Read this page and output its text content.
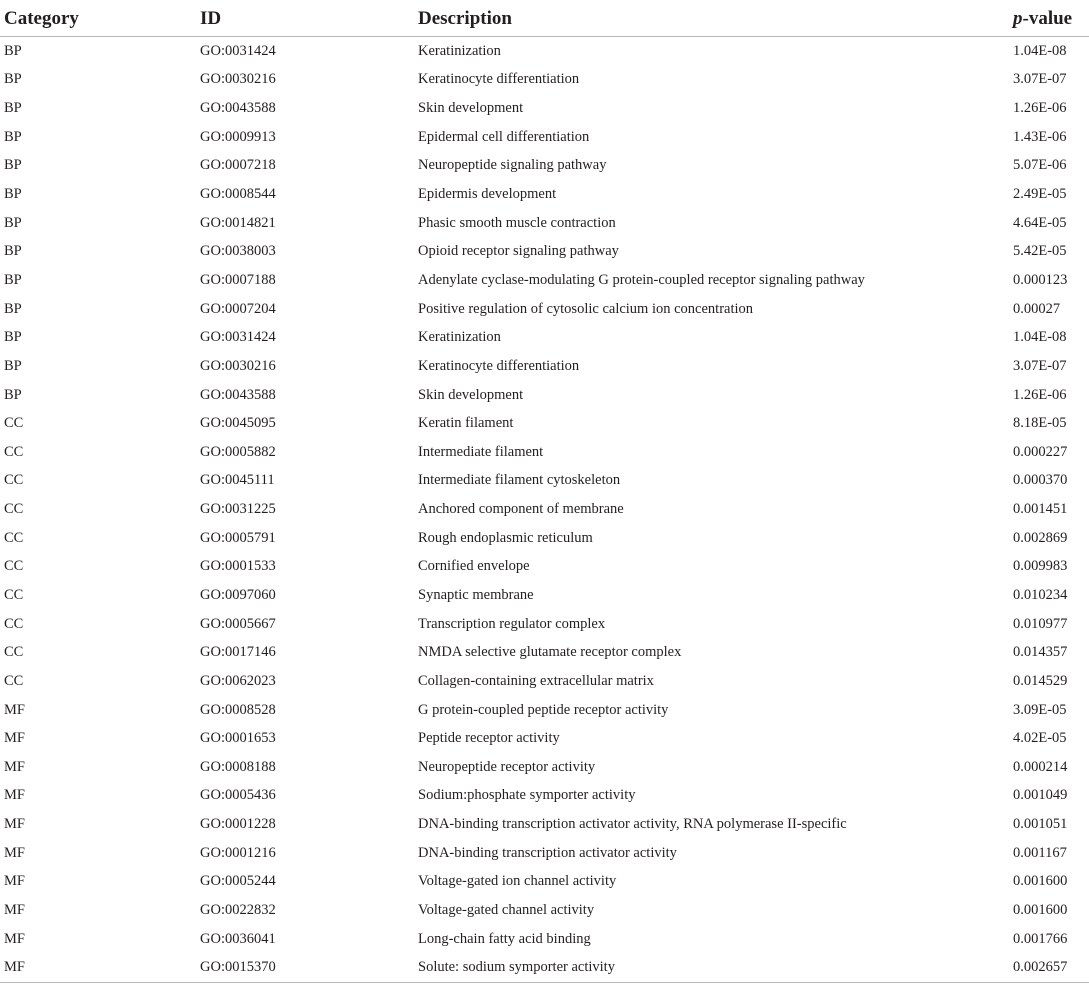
Category	ID	Description	p-value
BP	GO:0031424	Keratinization	1.04E-08
BP	GO:0030216	Keratinocyte differentiation	3.07E-07
BP	GO:0043588	Skin development	1.26E-06
BP	GO:0009913	Epidermal cell differentiation	1.43E-06
BP	GO:0007218	Neuropeptide signaling pathway	5.07E-06
BP	GO:0008544	Epidermis development	2.49E-05
BP	GO:0014821	Phasic smooth muscle contraction	4.64E-05
BP	GO:0038003	Opioid receptor signaling pathway	5.42E-05
BP	GO:0007188	Adenylate cyclase-modulating G protein-coupled receptor signaling pathway	0.000123
BP	GO:0007204	Positive regulation of cytosolic calcium ion concentration	0.00027
BP	GO:0031424	Keratinization	1.04E-08
BP	GO:0030216	Keratinocyte differentiation	3.07E-07
BP	GO:0043588	Skin development	1.26E-06
CC	GO:0045095	Keratin filament	8.18E-05
CC	GO:0005882	Intermediate filament	0.000227
CC	GO:0045111	Intermediate filament cytoskeleton	0.000370
CC	GO:0031225	Anchored component of membrane	0.001451
CC	GO:0005791	Rough endoplasmic reticulum	0.002869
CC	GO:0001533	Cornified envelope	0.009983
CC	GO:0097060	Synaptic membrane	0.010234
CC	GO:0005667	Transcription regulator complex	0.010977
CC	GO:0017146	NMDA selective glutamate receptor complex	0.014357
CC	GO:0062023	Collagen-containing extracellular matrix	0.014529
MF	GO:0008528	G protein-coupled peptide receptor activity	3.09E-05
MF	GO:0001653	Peptide receptor activity	4.02E-05
MF	GO:0008188	Neuropeptide receptor activity	0.000214
MF	GO:0005436	Sodium:phosphate symporter activity	0.001049
MF	GO:0001228	DNA-binding transcription activator activity, RNA polymerase II-specific	0.001051
MF	GO:0001216	DNA-binding transcription activator activity	0.001167
MF	GO:0005244	Voltage-gated ion channel activity	0.001600
MF	GO:0022832	Voltage-gated channel activity	0.001600
MF	GO:0036041	Long-chain fatty acid binding	0.001766
MF	GO:0015370	Solute: sodium symporter activity	0.002657
